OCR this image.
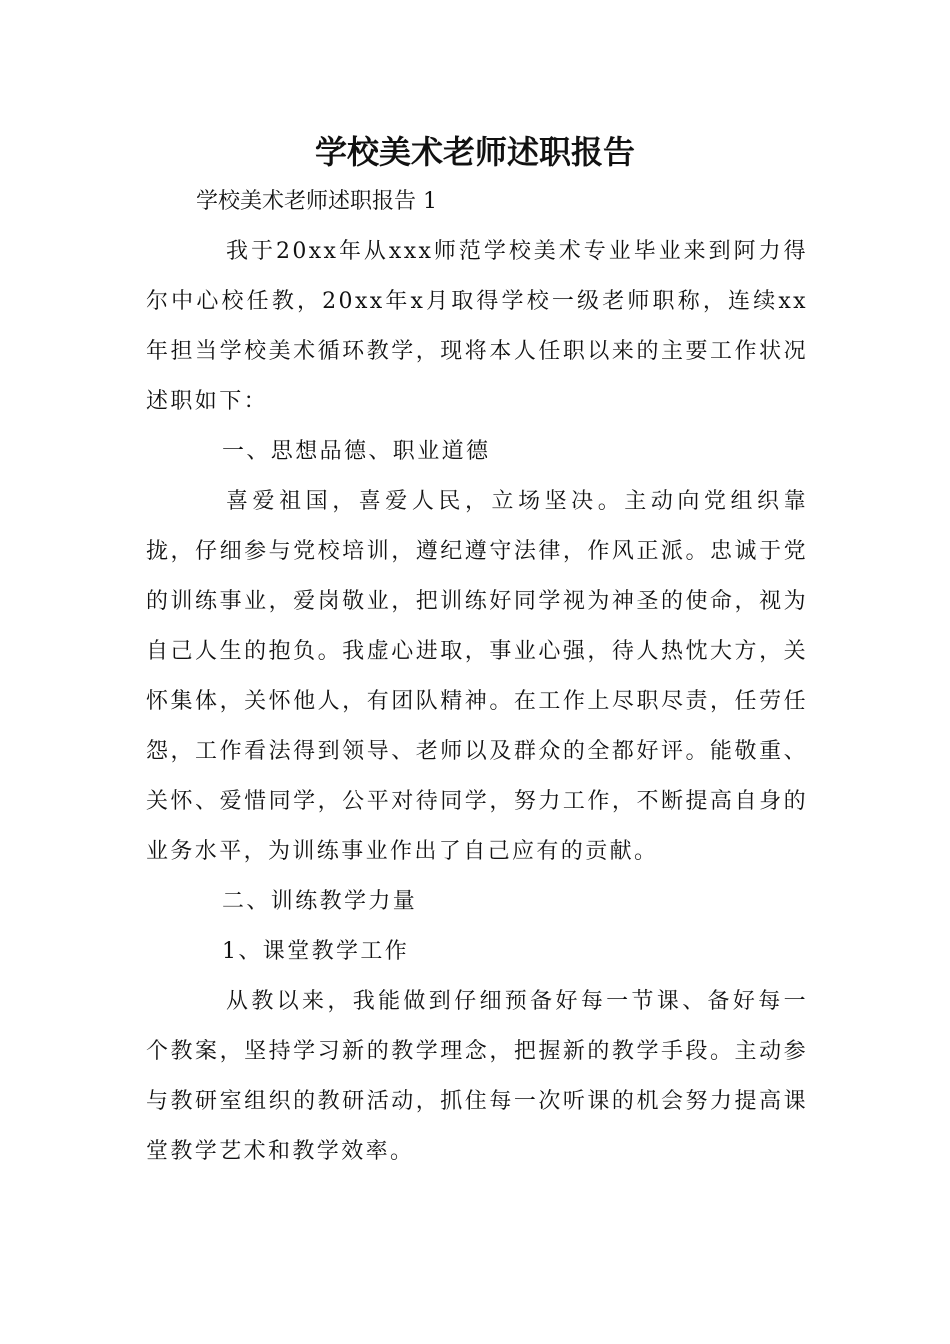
学校美术老师述职报告
学校美术老师述职报告 1

我于20xx年从xxx师范学校美术专业毕业来到阿力得尔中心校任教，20xx年x月取得学校一级老师职称，连续xx年担当学校美术循环教学，现将本人任职以来的主要工作状况述职如下：

一、思想品德、职业道德

喜爱祖国，喜爱人民，立场坚决。主动向党组织靠拢，仔细参与党校培训，遵纪遵守法律，作风正派。忠诚于党的训练事业，爱岗敬业，把训练好同学视为神圣的使命，视为自己人生的抱负。我虚心进取，事业心强，待人热忱大方，关怀集体，关怀他人，有团队精神。在工作上尽职尽责，任劳任怨，工作看法得到领导、老师以及群众的全都好评。能敬重、关怀、爱惜同学，公平对待同学，努力工作，不断提高自身的业务水平，为训练事业作出了自己应有的贡献。

二、训练教学力量

1、课堂教学工作

从教以来，我能做到仔细预备好每一节课、备好每一个教案，坚持学习新的教学理念，把握新的教学手段。主动参与教研室组织的教研活动，抓住每一次听课的机会努力提高课堂教学艺术和教学效率。
